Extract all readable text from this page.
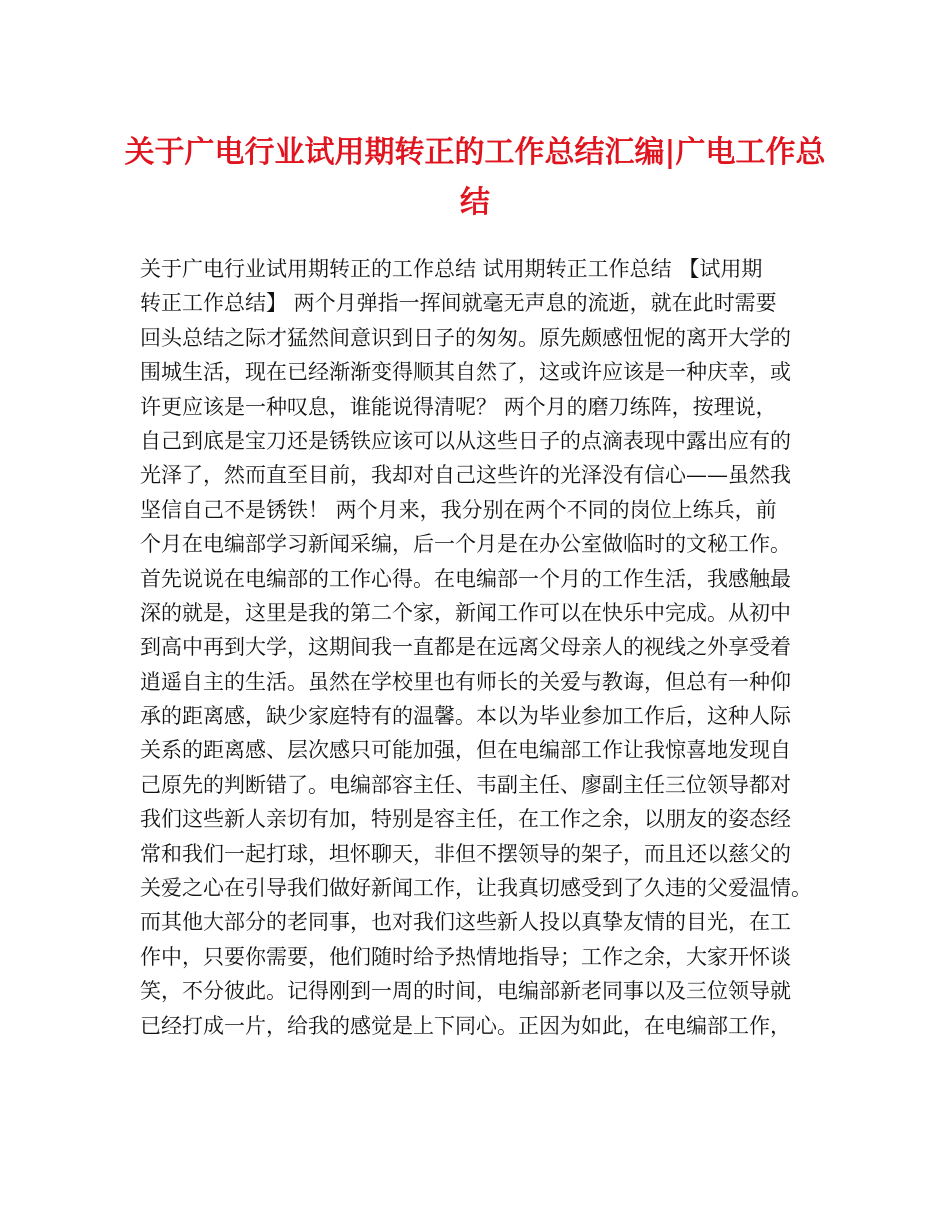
关于广电行业试用期转正的工作总结汇编|广电工作总
结
关于广电行业试用期转正的工作总结 试用期转正工作总结 【试用期
转正工作总结】 两个月弹指一挥间就毫无声息的流逝，就在此时需要
回头总结之际才猛然间意识到日子的匆匆。原先颇感忸怩的离开大学的
围城生活，现在已经渐渐变得顺其自然了，这或许应该是一种庆幸，或
许更应该是一种叹息，谁能说得清呢？ 两个月的磨刀练阵，按理说，
自己到底是宝刀还是锈铁应该可以从这些日子的点滴表现中露出应有的
光泽了，然而直至目前，我却对自己这些许的光泽没有信心——虽然我
坚信自己不是锈铁！ 两个月来，我分别在两个不同的岗位上练兵，前
个月在电编部学习新闻采编，后一个月是在办公室做临时的文秘工作。
首先说说在电编部的工作心得。在电编部一个月的工作生活，我感触最
深的就是，这里是我的第二个家，新闻工作可以在快乐中完成。从初中
到高中再到大学，这期间我一直都是在远离父母亲人的视线之外享受着
逍遥自主的生活。虽然在学校里也有师长的关爱与教诲，但总有一种仰
承的距离感，缺少家庭特有的温馨。本以为毕业参加工作后，这种人际
关系的距离感、层次感只可能加强，但在电编部工作让我惊喜地发现自
己原先的判断错了。电编部容主任、韦副主任、廖副主任三位领导都对
我们这些新人亲切有加，特别是容主任，在工作之余，以朋友的姿态经
常和我们一起打球，坦怀聊天，非但不摆领导的架子，而且还以慈父的
关爱之心在引导我们做好新闻工作，让我真切感受到了久违的父爱温情。
而其他大部分的老同事，也对我们这些新人投以真挚友情的目光，在工
作中，只要你需要，他们随时给予热情地指导；工作之余，大家开怀谈
笑，不分彼此。记得刚到一周的时间，电编部新老同事以及三位领导就
已经打成一片，给我的感觉是上下同心。正因为如此，在电编部工作，
